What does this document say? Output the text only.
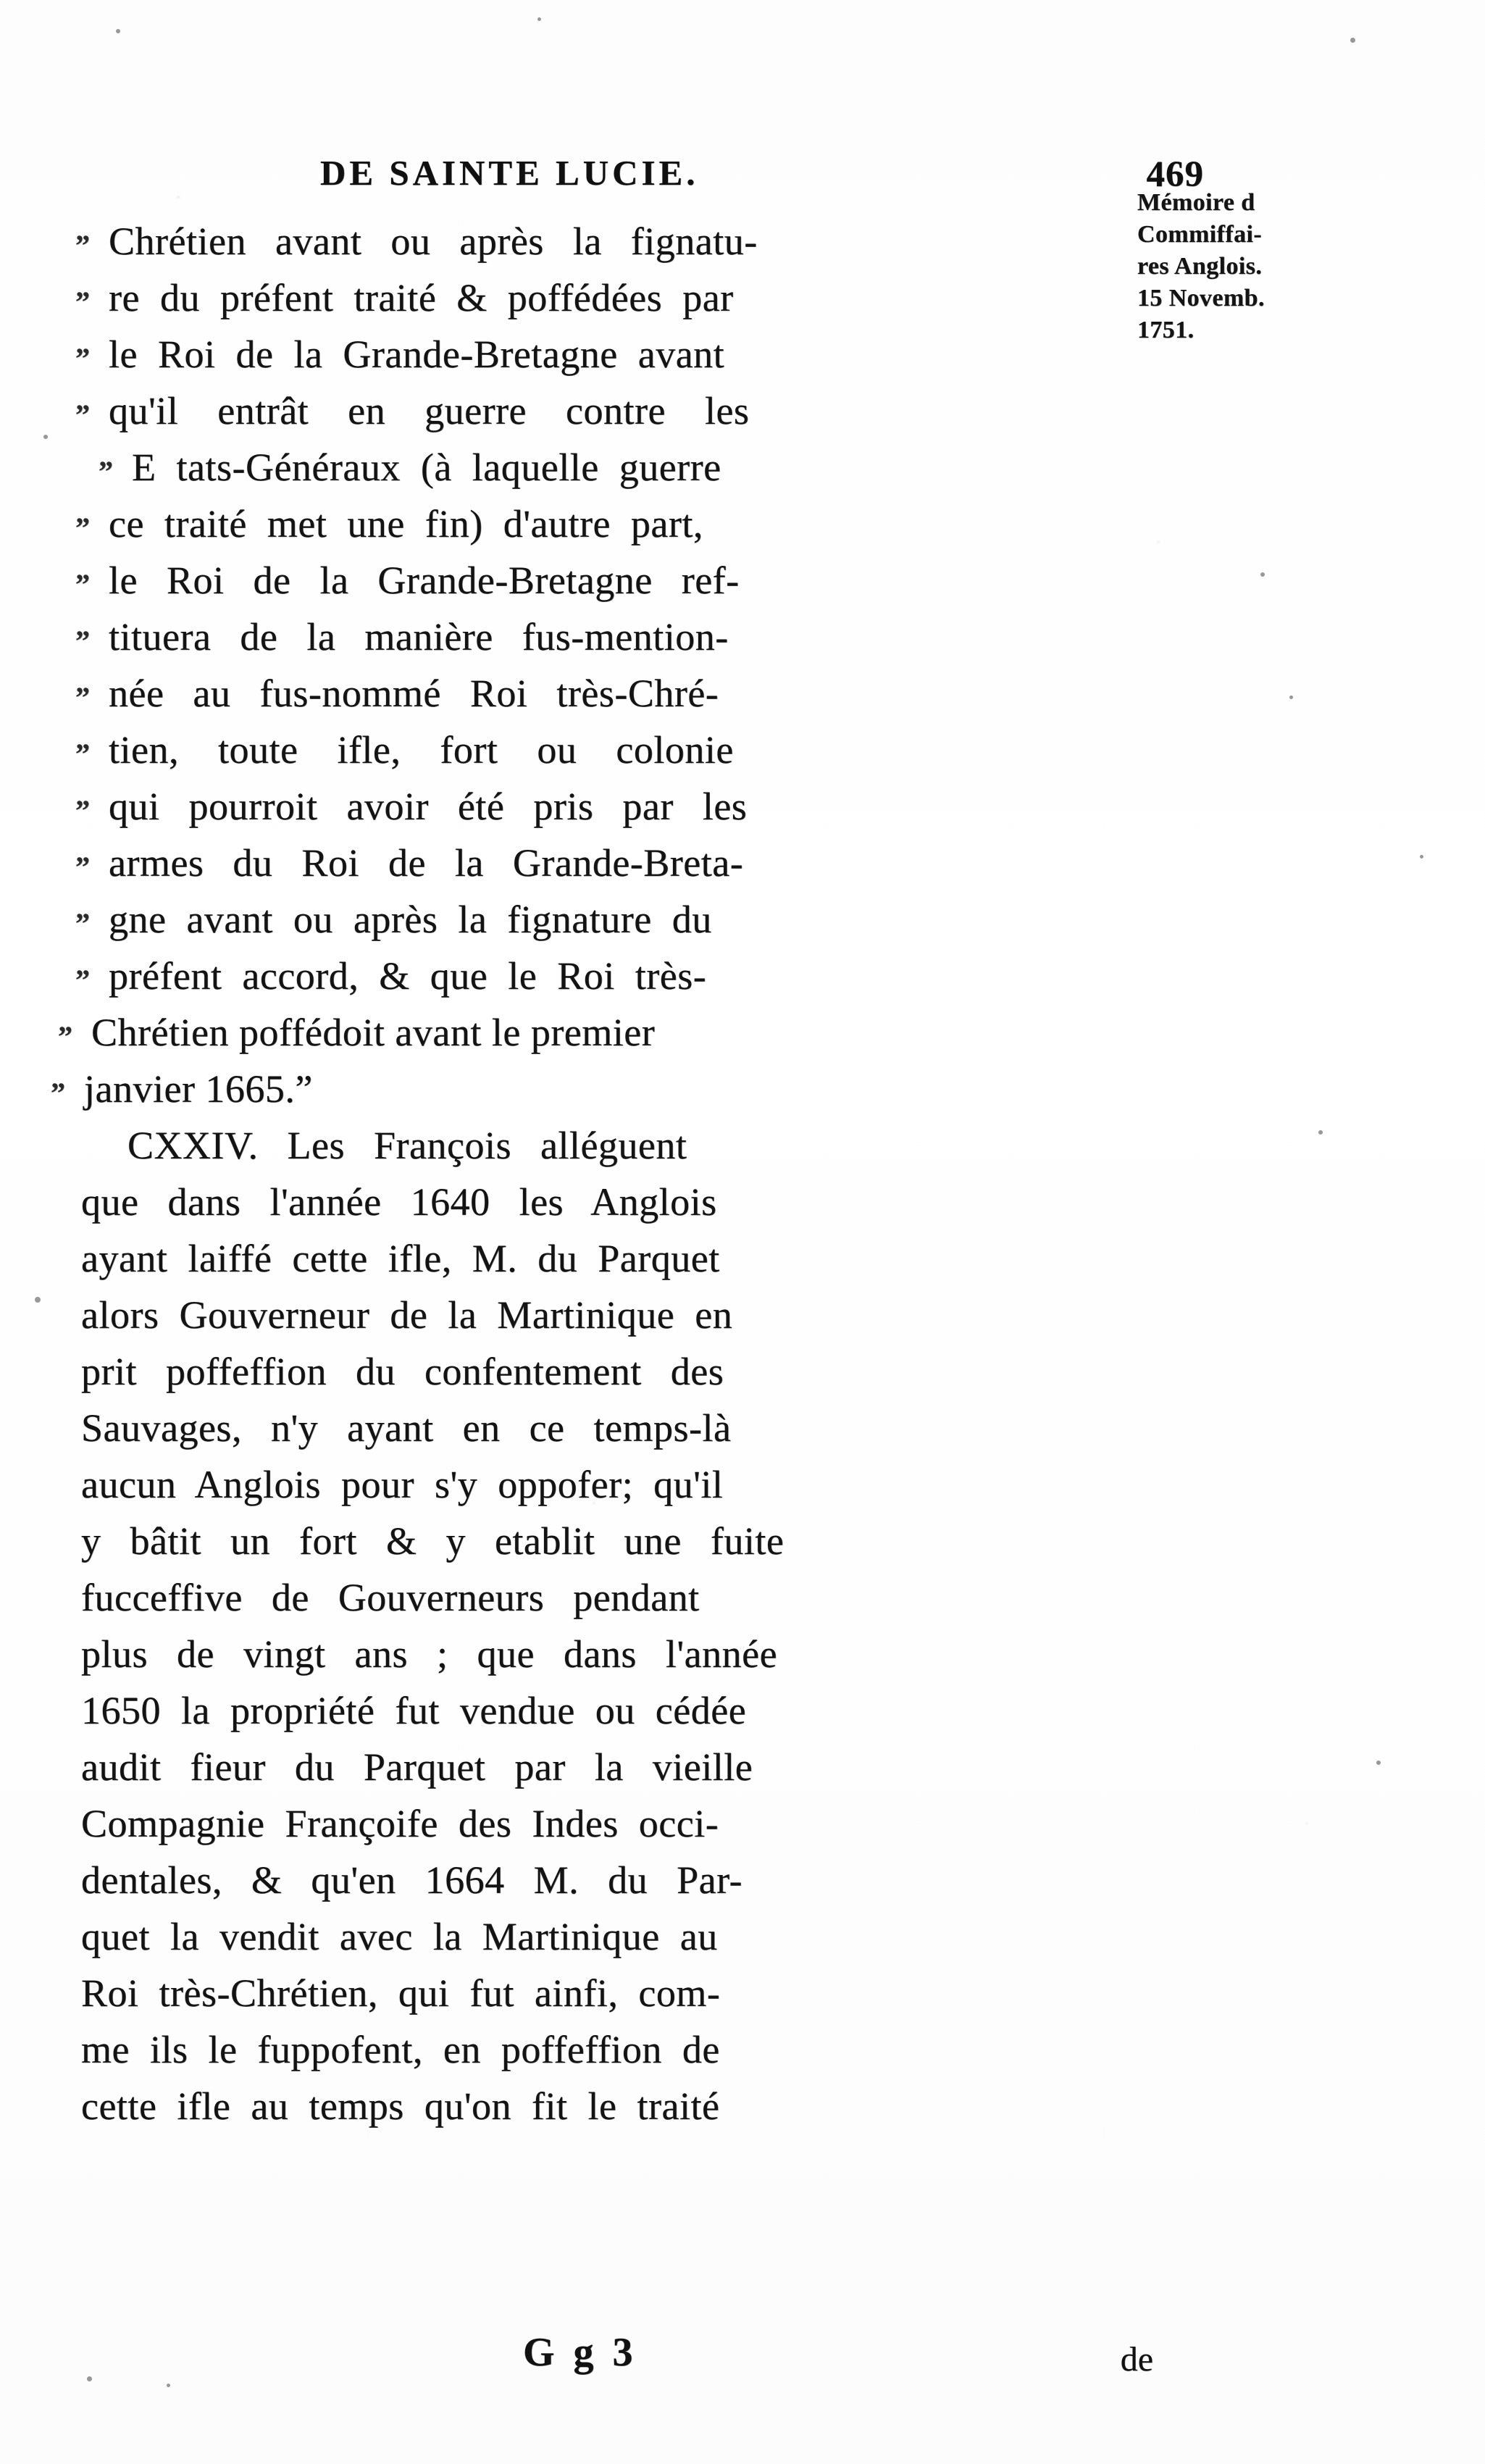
DE SAINTE LUCIE.	469
” Chrétien avant ou après la fignatu-
” re du préfent traité & poffédées par
” le Roi de la Grande-Bretagne avant
” qu'il entrât en guerre contre les
” E tats-Généraux (à laquelle guerre
” ce traité met une fin) d'autre part,
” le Roi de la Grande-Bretagne ref-
” tituera de la manière fus-mention-
” née au fus-nommé Roi très-Chré-
” tien, toute ifle, fort ou colonie
” qui pourroit avoir été pris par les
” armes du Roi de la Grande-Breta-
” gne avant ou après la fignature du
” préfent accord, & que le Roi très-
” Chrétien poffédoit avant le premier
” janvier 1665.”
CXXIV. Les François alléguent
que dans l'année 1640 les Anglois
ayant laiffé cette ifle, M. du Parquet
alors Gouverneur de la Martinique en
prit poffeffion du confentement des
Sauvages, n'y ayant en ce temps-là
aucun Anglois pour s'y oppofer; qu'il
y bâtit un fort & y etablit une fuite
fucceffive de Gouverneurs pendant
plus de vingt ans ; que dans l'année
1650 la propriété fut vendue ou cédée
audit fieur du Parquet par la vieille
Compagnie Françoife des Indes occi-
dentales, & qu'en 1664 M. du Par-
quet la vendit avec la Martinique au
Roi très-Chrétien, qui fut ainfi, com-
me ils le fuppofent, en poffeffion de
cette ifle au temps qu'on fit le traité
Mémoire d
Commiffai-
res Anglois.
15 Novemb.
1751.
G g 3	de
